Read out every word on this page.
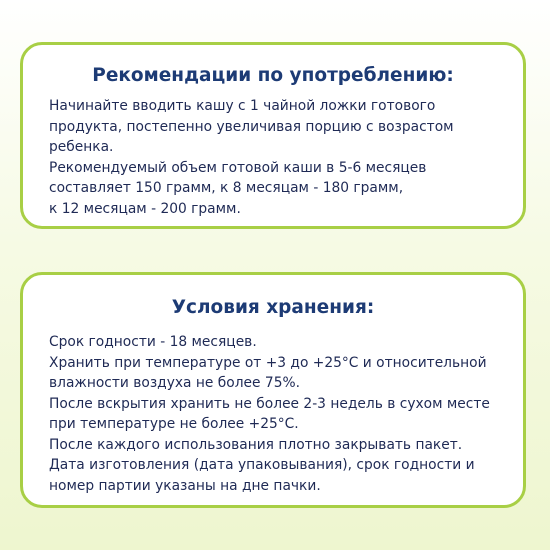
Рекомендации по употреблению:
Начинайте вводить кашу с 1 чайной ложки готового
продукта, постепенно увеличивая порцию с возрастом
ребенка.
Рекомендуемый объем готовой каши в 5-6 месяцев
составляет 150 грамм, к 8 месяцам - 180 грамм,
к 12 месяцам - 200 грамм.
Условия хранения:
Срок годности - 18 месяцев.
Хранить при температуре от +3 до +25°С и относительной
влажности воздуха не более 75%.
После вскрытия хранить не более 2-3 недель в сухом месте
при температуре не более +25°С.
После каждого использования плотно закрывать пакет.
Дата изготовления (дата упаковывания), срок годности и
номер партии указаны на дне пачки.
